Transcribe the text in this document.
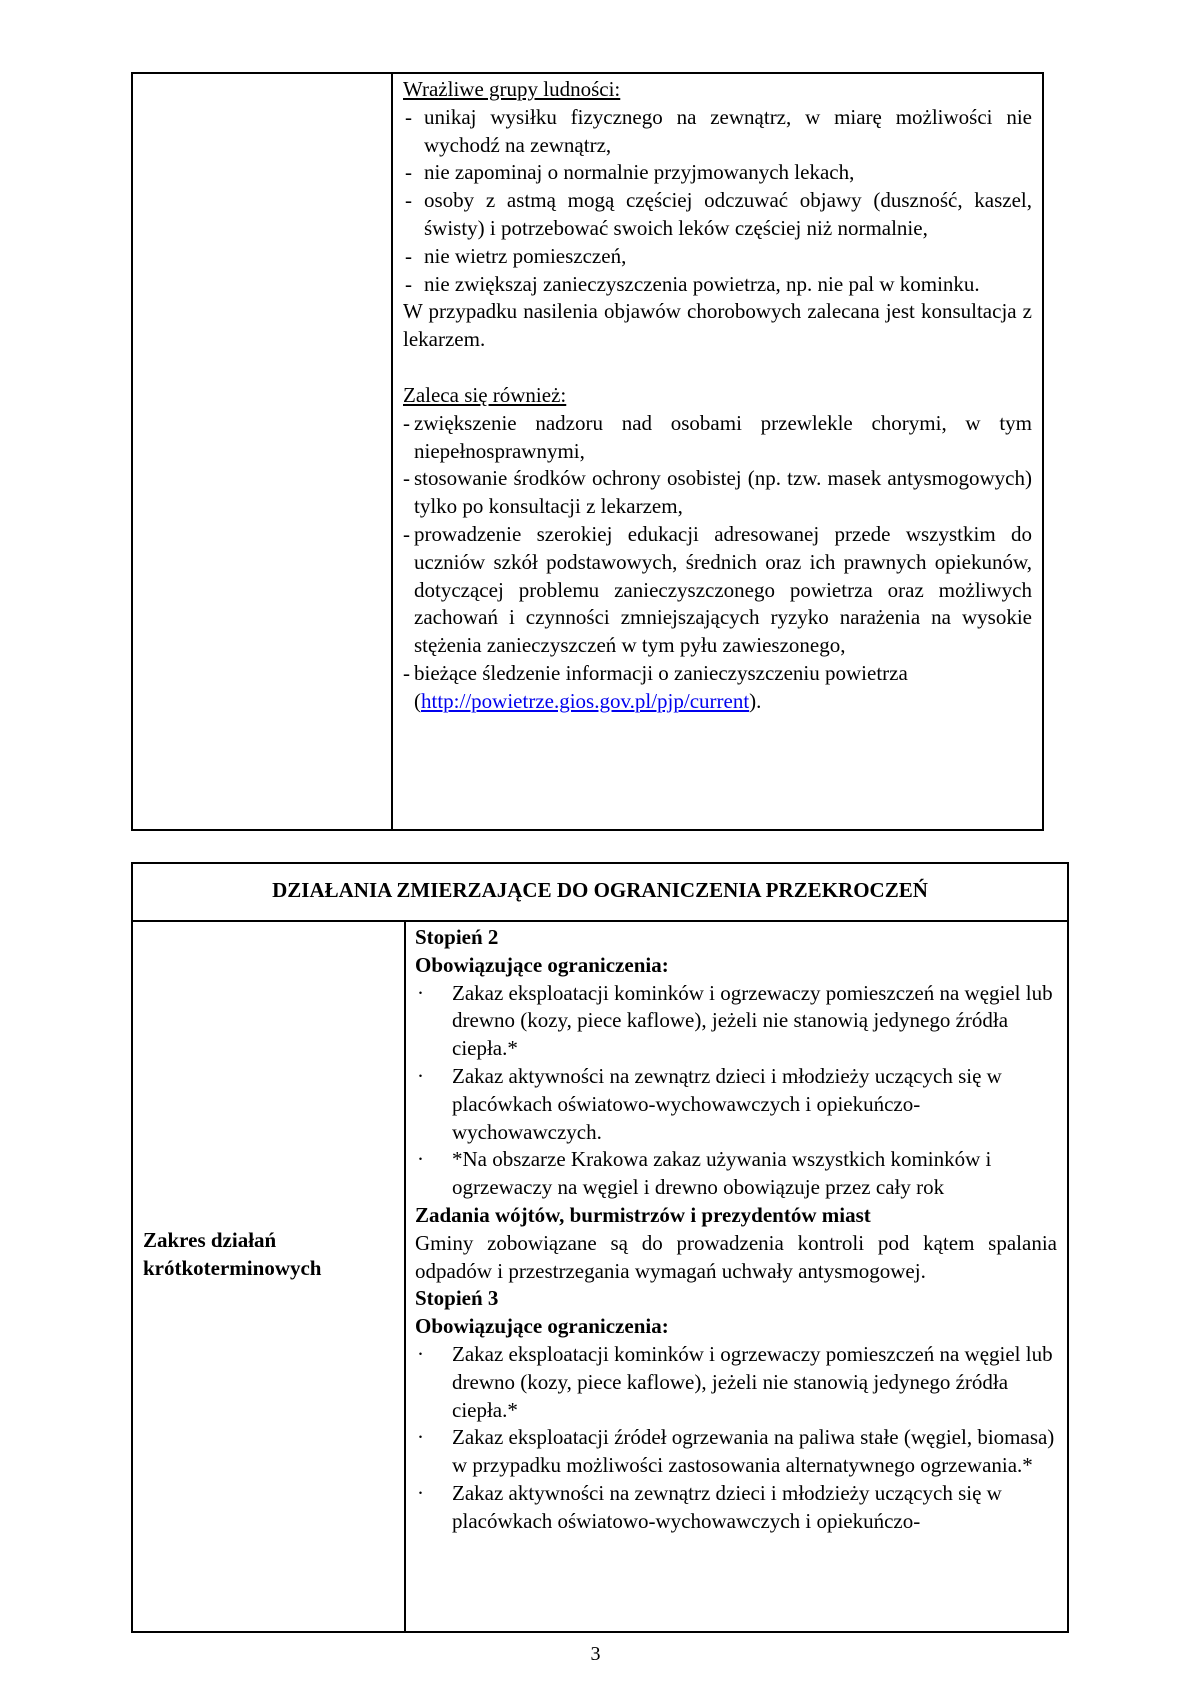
Wrażliwe grupy ludności:

- unikaj wysiłku fizycznego na zewnątrz, w miarę możliwości nie wychodź na zewnątrz,

- nie zapominaj o normalnie przyjmowanych lekach,

- osoby z astmą mogą częściej odczuwać objawy (duszność, kaszel, świsty) i potrzebować swoich leków częściej niż normalnie,

- nie wietrz pomieszczeń,

- nie zwiększaj zanieczyszczenia powietrza, np. nie pal w kominku.

W przypadku nasilenia objawów chorobowych zalecana jest konsultacja z lekarzem.

Zaleca się również:

- zwiększenie nadzoru nad osobami przewlekle chorymi, w tym niepełnosprawnymi,

- stosowanie środków ochrony osobistej (np. tzw. masek antysmogowych) tylko po konsultacji z lekarzem,

- prowadzenie szerokiej edukacji adresowanej przede wszystkim do uczniów szkół podstawowych, średnich oraz ich prawnych opiekunów, dotyczącej problemu zanieczyszczonego powietrza oraz możliwych zachowań i czynności zmniejszających ryzyko narażenia na wysokie stężenia zanieczyszczeń w tym pyłu zawieszonego,

- bieżące śledzenie informacji o zanieczyszczeniu powietrza
(http://powietrze.gios.gov.pl/pjp/current).

DZIAŁANIA ZMIERZAJĄCE DO OGRANICZENIA PRZEKROCZEŃ
Zakres działań
krótkoterminowych

Stopień 2

Obowiązujące ograniczenia:

· Zakaz eksploatacji kominków i ogrzewaczy pomieszczeń na węgiel lub drewno (kozy, piece kaflowe), jeżeli nie stanowią jedynego źródła ciepła.*

· Zakaz aktywności na zewnątrz dzieci i młodzieży uczących się w placówkach oświatowo-wychowawczych i opiekuńczo-wychowawczych.

· *Na obszarze Krakowa zakaz używania wszystkich kominków i ogrzewaczy na węgiel i drewno obowiązuje przez cały rok

Zadania wójtów, burmistrzów i prezydentów miast

Gminy zobowiązane są do prowadzenia kontroli pod kątem spalania odpadów i przestrzegania wymagań uchwały antysmogowej.

Stopień 3

Obowiązujące ograniczenia:

· Zakaz eksploatacji kominków i ogrzewaczy pomieszczeń na węgiel lub drewno (kozy, piece kaflowe), jeżeli nie stanowią jedynego źródła ciepła.*

· Zakaz eksploatacji źródeł ogrzewania na paliwa stałe (węgiel, biomasa) w przypadku możliwości zastosowania alternatywnego ogrzewania.*

· Zakaz aktywności na zewnątrz dzieci i młodzieży uczących się w placówkach oświatowo-wychowawczych i opiekuńczo-

3
